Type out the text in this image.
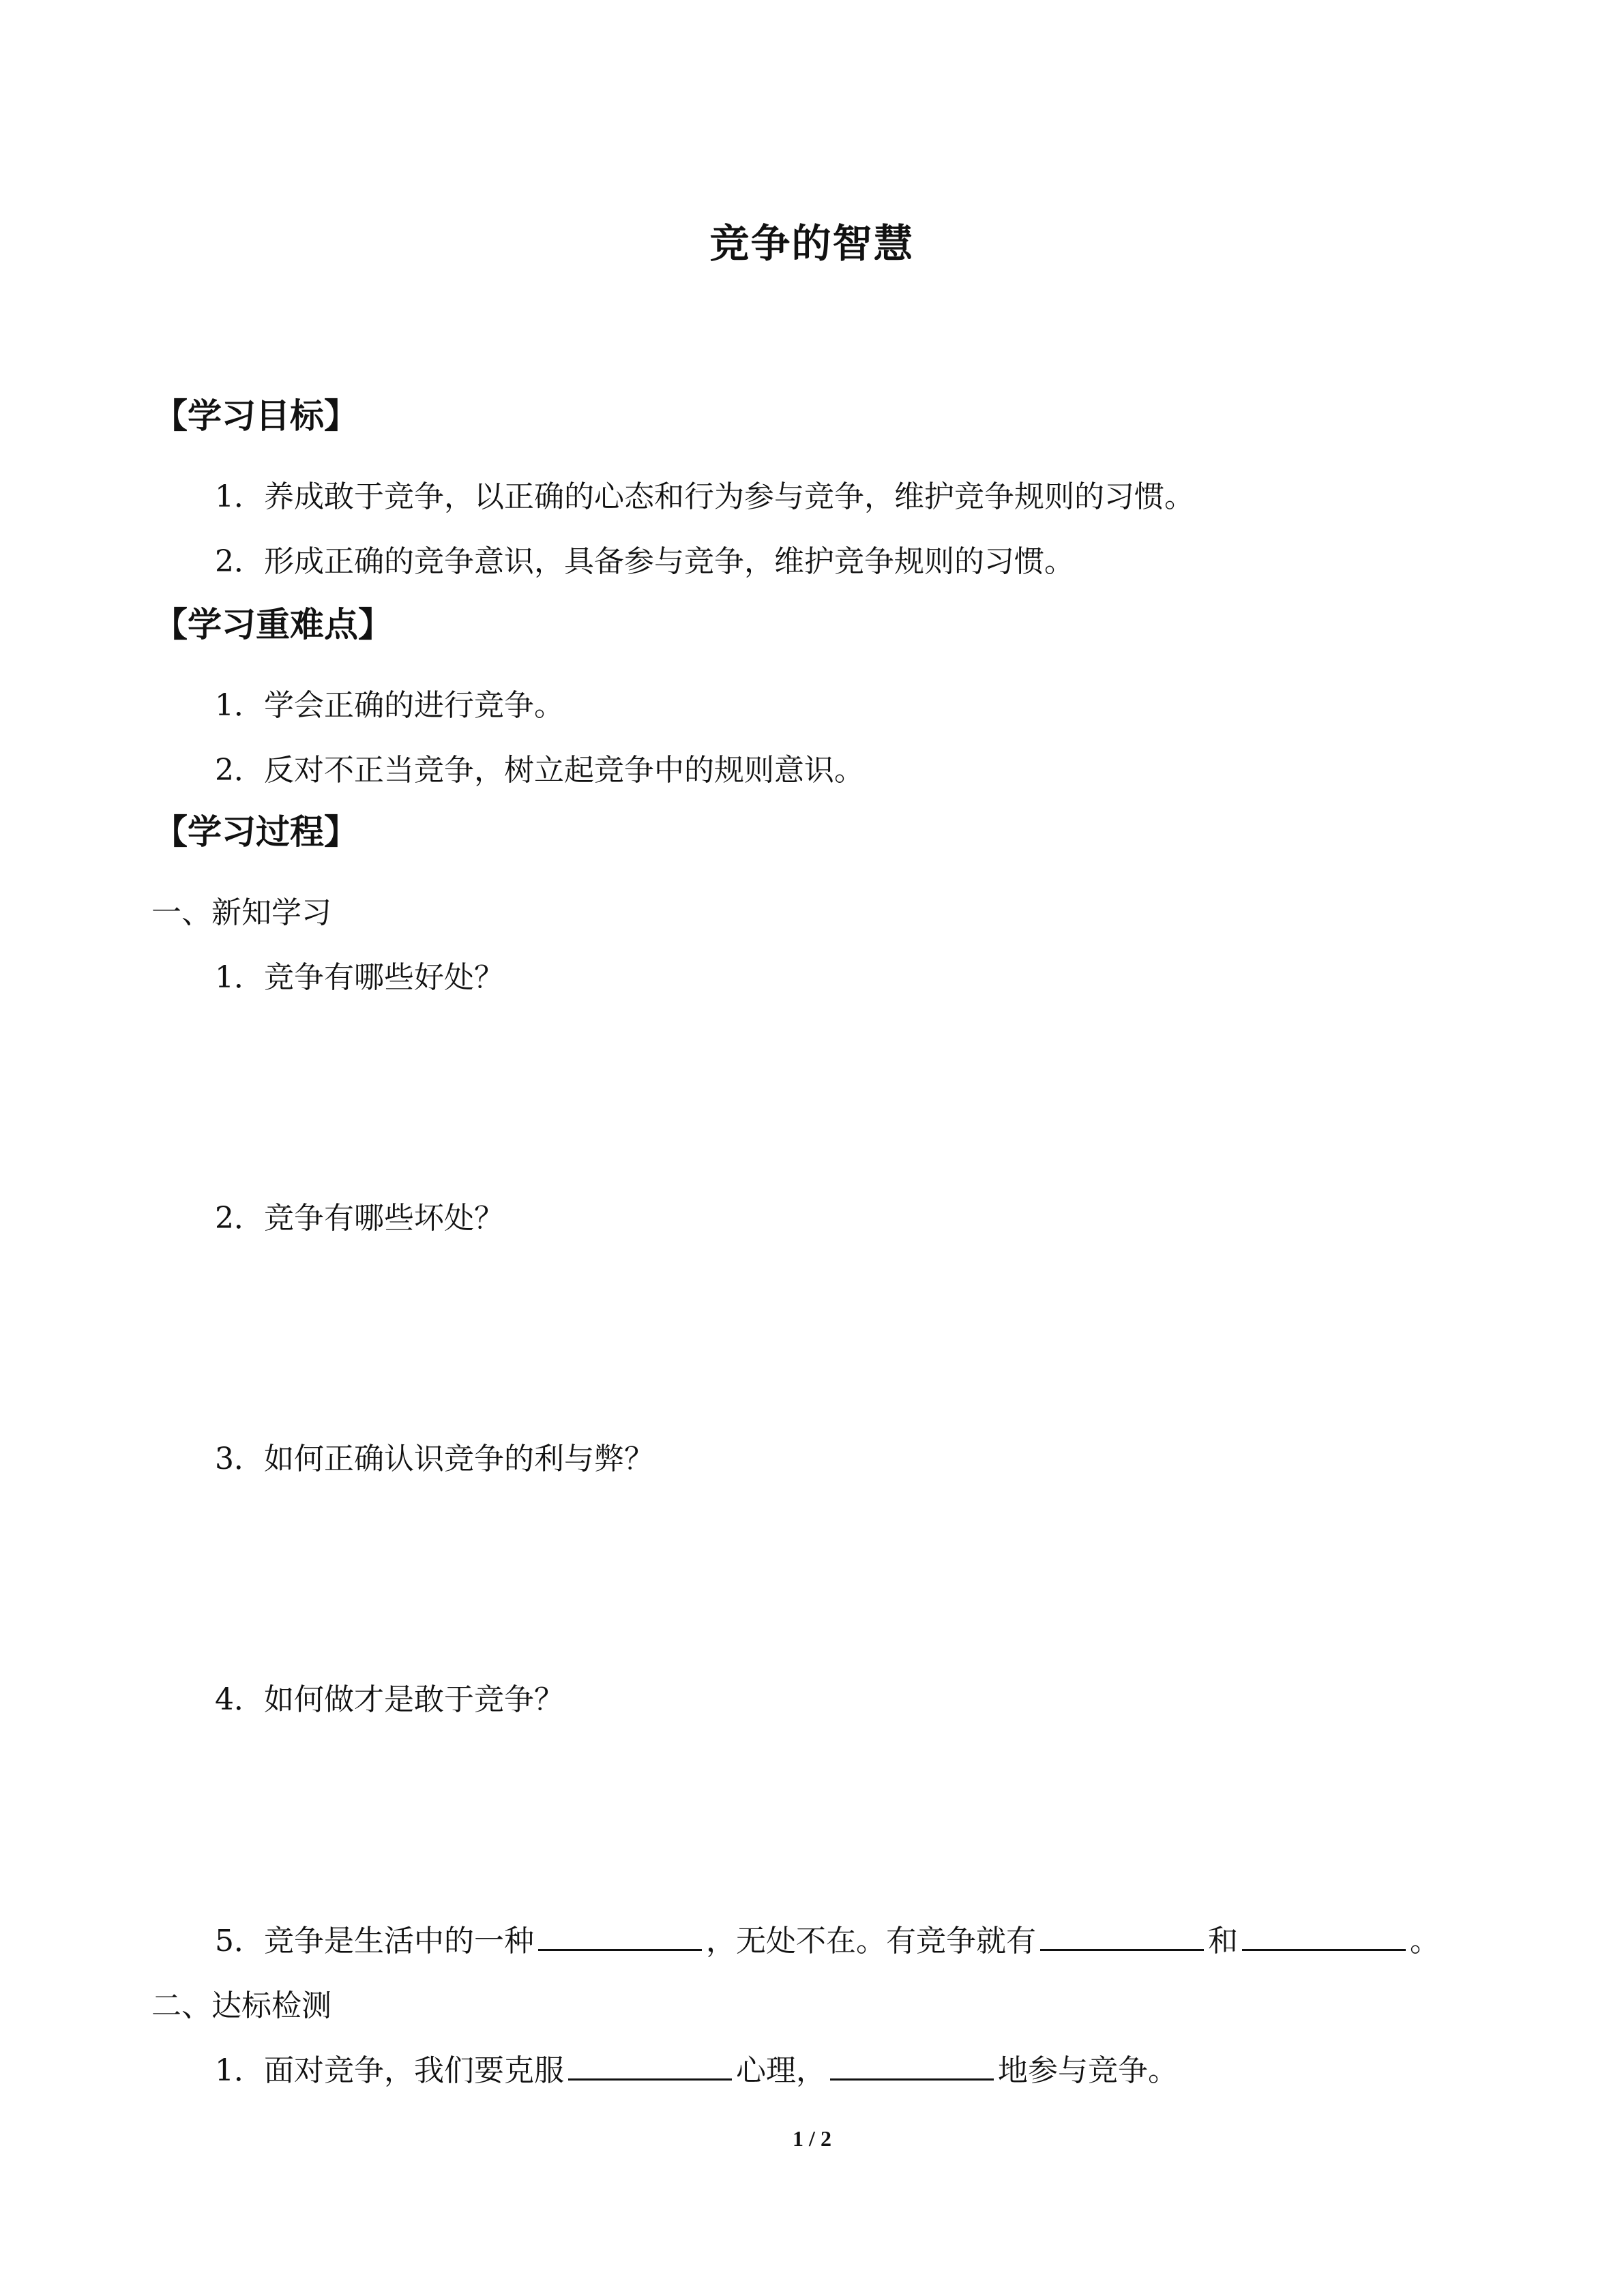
竞争的智慧
【学习目标】
1．养成敢于竞争，以正确的心态和行为参与竞争，维护竞争规则的习惯。
2．形成正确的竞争意识，具备参与竞争，维护竞争规则的习惯。
【学习重难点】
1．学会正确的进行竞争。
2．反对不正当竞争，树立起竞争中的规则意识。
【学习过程】
一、新知学习
1．竞争有哪些好处？
2．竞争有哪些坏处？
3．如何正确认识竞争的利与弊？
4．如何做才是敢于竞争？
5．竞争是生活中的一种	，无处不在。有竞争就有	和	。
二、达标检测
1．面对竞争，我们要克服	心理，	地参与竞争。
1 / 2
